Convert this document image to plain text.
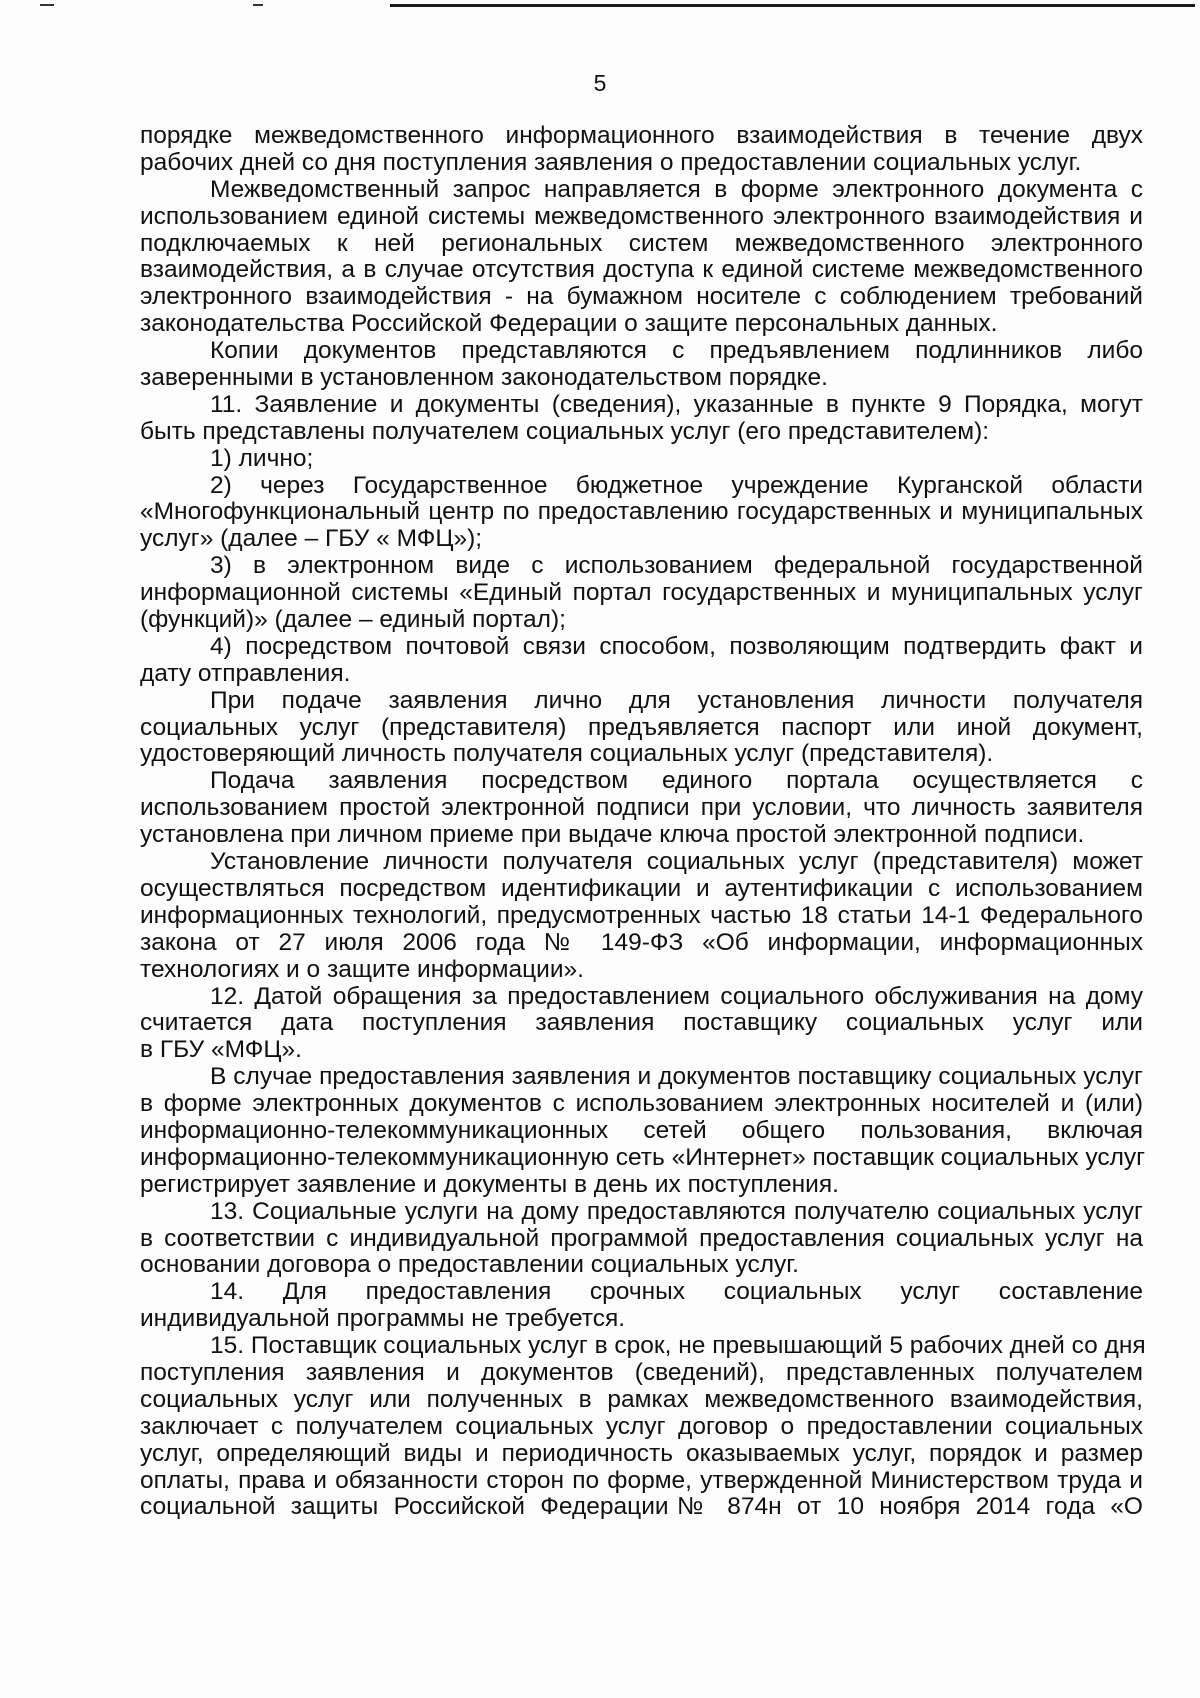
5
порядке межведомственного информационного взаимодействия в течение двух
рабочих дней со дня поступления заявления о предоставлении социальных услуг.
Межведомственный запрос направляется в форме электронного документа с
использованием единой системы межведомственного электронного взаимодействия и
подключаемых к ней региональных систем межведомственного электронного
взаимодействия, а в случае отсутствия доступа к единой системе межведомственного
электронного взаимодействия - на бумажном носителе с соблюдением требований
законодательства Российской Федерации о защите персональных данных.
Копии документов представляются с предъявлением подлинников либо
заверенными в установленном законодательством порядке.
11. Заявление и документы (сведения), указанные в пункте 9 Порядка, могут
быть представлены получателем социальных услуг (его представителем):
1) лично;
2) через Государственное бюджетное учреждение Курганской области
«Многофункциональный центр по предоставлению государственных и муниципальных
услуг» (далее – ГБУ « МФЦ»);
3) в электронном виде с использованием федеральной государственной
информационной системы «Единый портал государственных и муниципальных услуг
(функций)» (далее – единый портал);
4) посредством почтовой связи способом, позволяющим подтвердить факт и
дату отправления.
При подаче заявления лично для установления личности получателя
социальных услуг (представителя) предъявляется паспорт или иной документ,
удостоверяющий личность получателя социальных услуг (представителя).
Подача заявления посредством единого портала осуществляется с
использованием простой электронной подписи при условии, что личность заявителя
установлена при личном приеме при выдаче ключа простой электронной подписи.
Установление личности получателя социальных услуг (представителя) может
осуществляться посредством идентификации и аутентификации с использованием
информационных технологий, предусмотренных частью 18 статьи 14-1 Федерального
закона от 27 июля 2006 года № 149-ФЗ «Об информации, информационных
технологиях и о защите информации».
12. Датой обращения за предоставлением социального обслуживания на дому
считается дата поступления заявления поставщику социальных услуг или
в ГБУ «МФЦ».
В случае предоставления заявления и документов поставщику социальных услуг
в форме электронных документов с использованием электронных носителей и (или)
информационно-телекоммуникационных сетей общего пользования, включая
информационно-телекоммуникационную сеть «Интернет» поставщик социальных услуг
регистрирует заявление и документы в день их поступления.
13. Социальные услуги на дому предоставляются получателю социальных услуг
в соответствии с индивидуальной программой предоставления социальных услуг на
основании договора о предоставлении социальных услуг.
14. Для предоставления срочных социальных услуг составление
индивидуальной программы не требуется.
15. Поставщик социальных услуг в срок, не превышающий 5 рабочих дней со дня
поступления заявления и документов (сведений), представленных получателем
социальных услуг или полученных в рамках межведомственного взаимодействия,
заключает с получателем социальных услуг договор о предоставлении социальных
услуг, определяющий виды и периодичность оказываемых услуг, порядок и размер
оплаты, права и обязанности сторон по форме, утвержденной Министерством труда и
социальной защиты Российской Федерации№ 874н от 10 ноября 2014 года «О
